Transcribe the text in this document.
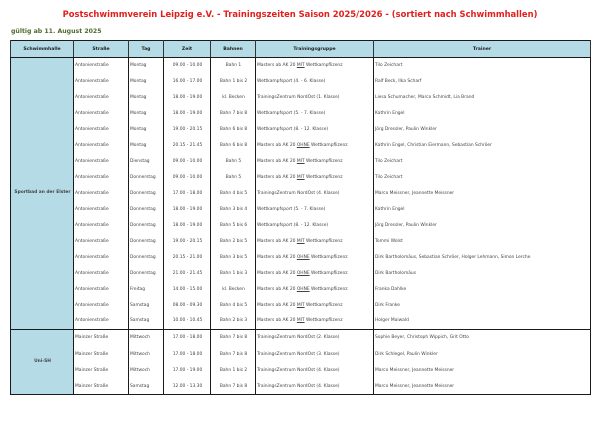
Postschwimmverein Leipzig e.V. - Trainingszeiten Saison 2025/2026 - (sortiert nach Schwimmhallen)
gültig ab 11. August 2025
Schwimmhalle	Straße	Tag	Zeit	Bahnen	Trainingsgruppe	Trainer
Sportbad an der Elster	Antonienstraße	Montag	09.00 - 10.00	Bahn 1	Masters ab AK 20 MIT Wettkampflizenz	Tilo Zeichart
	Antonienstraße	Montag	16.00 - 17.00	Bahn 1 bis 2	Wettkampfsport (4. - 6. Klasse)	Ralf Beck, Ilka Scharf
	Antonienstraße	Montag	18.00 - 19.00	kl. Becken	TrainingsZentrum NordOst (1. Klasse)	Liesa Schumacher, Marco Schmidt, Lia Brand
	Antonienstraße	Montag	18.00 - 19.00	Bahn 7 bis 8	Wettkampfsport (5. - 7. Klasse)	Kathrin Engel
	Antonienstraße	Montag	19.00 - 20.15	Bahn 6 bis 8	Wettkampfsport (8. - 12. Klasse)	Jörg Dressler, Paulin Winkler
	Antonienstraße	Montag	20.15 - 21.45	Bahn 6 bis 8	Masters ab AK 20 OHNE Wettkampflizenz	Kathrin Engel, Christian Eiermann, Sebastian Schröer
	Antonienstraße	Dienstag	09.00 - 10.00	Bahn 5	Masters ab AK 20 MIT Wettkampflizenz	Tilo Zeichart
	Antonienstraße	Donnerstag	09.00 - 10.00	Bahn 5	Masters ab AK 20 MIT Wettkampflizenz	Tilo Zeichart
	Antonienstraße	Donnerstag	17.00 - 18.00	Bahn 4 bis 5	TrainingsZentrum NordOst (4. Klasse)	Marco Meissner, Jeannette Meissner
	Antonienstraße	Donnerstag	18.00 - 19.00	Bahn 3 bis 4	Wettkampfsport (5. - 7. Klasse)	Kathrin Engel
	Antonienstraße	Donnerstag	18.00 - 19.00	Bahn 5 bis 6	Wettkampfsport (8. - 12. Klasse)	Jörg Dressler, Paulin Winkler
	Antonienstraße	Donnerstag	19.00 - 20.15	Bahn 2 bis 5	Masters ab AK 20 MIT Wettkampflizenz	Tommi Wolst
	Antonienstraße	Donnerstag	20.15 - 21.00	Bahn 3 bis 5	Masters ab AK 20 OHNE Wettkampflizenz	Dirk Bartholomäus, Sebastian Schröer, Holger Lehmann, Simon Lerche
	Antonienstraße	Donnerstag	21.00 - 21.45	Bahn 1 bis 3	Masters ab AK 20 OHNE Wettkampflizenz	Dirk Bartholomäus
	Antonienstraße	Freitag	14.00 - 15.00	kl. Becken	Masters ab AK 20 OHNE Wettkampflizenz	Franka Dahlke
	Antonienstraße	Samstag	08.00 - 09.30	Bahn 4 bis 5	Masters ab AK 20 MIT Wettkampflizenz	Dirk Franke
	Antonienstraße	Samstag	10.00 - 10.45	Bahn 2 bis 3	Masters ab AK 20 MIT Wettkampflizenz	Holger Maiwald
Uni-SH	Mainzer Straße	Mittwoch	17.00 - 18.00	Bahn 7 bis 8	TrainingsZentrum NordOst (2. Klasse)	Sophie Beyer, Christoph Wippich, Grit Otto
	Mainzer Straße	Mittwoch	17.00 - 18.00	Bahn 7 bis 8	TrainingsZentrum NordOst (3. Klasse)	Dirk Schlegel, Paulin Winkler
	Mainzer Straße	Mittwoch	17.00 - 19.00	Bahn 1 bis 2	TrainingsZentrum NordOst (4. Klasse)	Marco Meissner, Jeannette Meissner
	Mainzer Straße	Samstag	12.00 - 13.30	Bahn 7 bis 8	TrainingsZentrum NordOst (4. Klasse)	Marco Meissner, Jeannette Meissner
